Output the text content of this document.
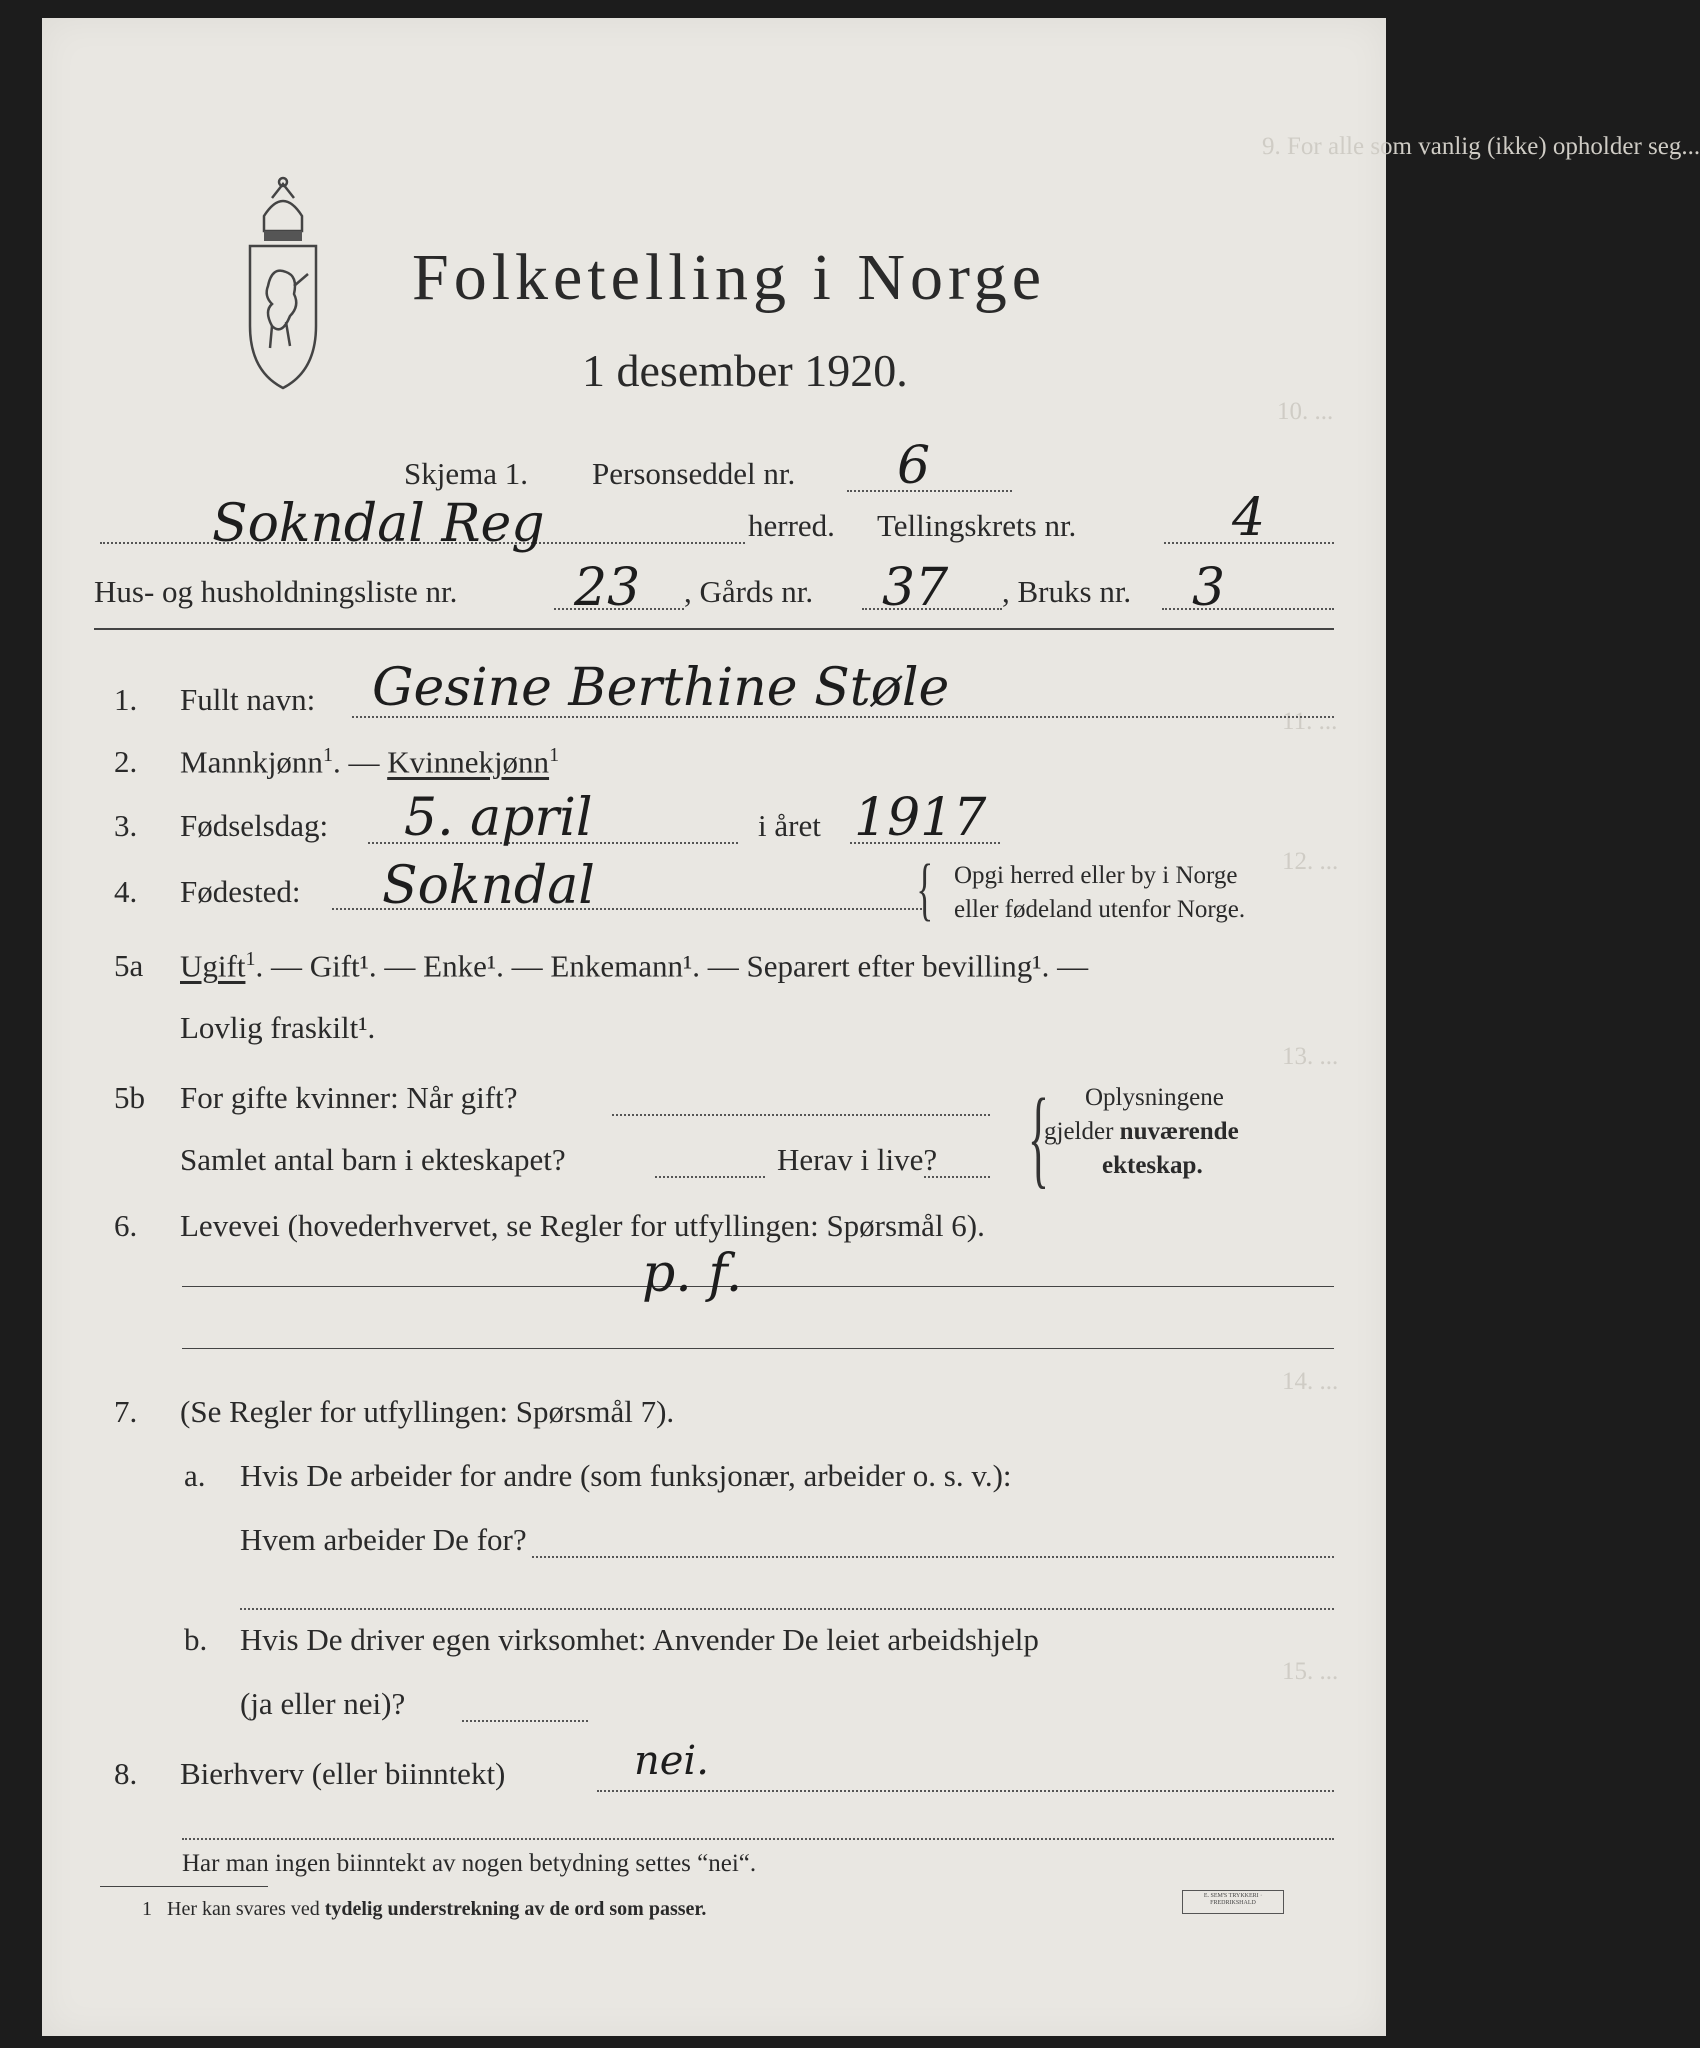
9. For alle som vanlig (ikke) opholder seg...
10. ...
11. ...
12. ...
13. ...
14. ...
15. ...
Folketelling i Norge
1 desember 1920.
Skjema 1. Personseddel nr. 6
Sokndal Reg	herred. Tellingskrets nr.	4
Hus- og husholdningsliste nr. 23 , Gårds nr. 37 , Bruks nr. 3
1. Fullt navn: Gesine Berthine Støle
2. Mannkjønn$^1$. — Kvinnekjønn$^1$
3. Fødselsdag: 5. april	i året 1917
4. Fødested: Sokndal	{ Opgi herred eller by i Norge
eller fødeland utenfor Norge.
5a Ugift$^1$. — Gift¹. — Enke¹. — Enkemann¹. — Separert efter bevilling¹. —
Lovlig fraskilt¹.
5b For gifte kvinner: Når gift?
Samlet antal barn i ekteskapet?	Herav i live? { Oplysningene
gjelder nuværende
ekteskap.
6. Levevei (hovederhvervet, se Regler for utfyllingen: Spørsmål 6).
p. f.
7. (Se Regler for utfyllingen: Spørsmål 7).
a. Hvis De arbeider for andre (som funksjonær, arbeider o. s. v.):
Hvem arbeider De for?
b. Hvis De driver egen virksomhet: Anvender De leiet arbeidshjelp
(ja eller nei)?
8. Bierhverv (eller biinntekt)	nei.
Har man ingen biinntekt av nogen betydning settes “nei“.
1 Her kan svares ved tydelig understrekning av de ord som passer.
E. SEM'S TRYKKERI · FREDRIKSHALD
